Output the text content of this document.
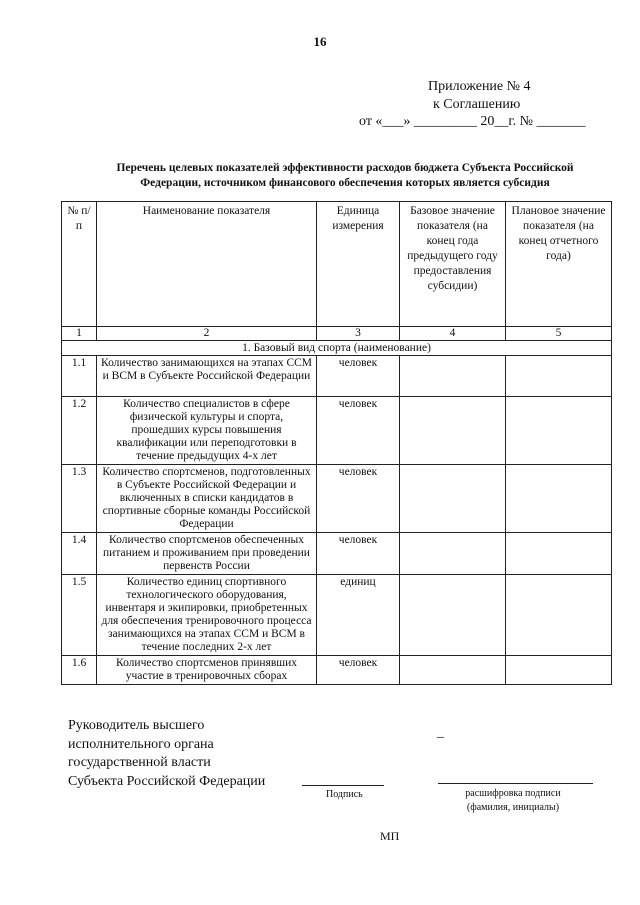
16
Приложение № 4
к Соглашению
от «___» _________ 20__г. № _______
Перечень целевых показателей эффективности расходов бюджета Субъекта Российской Федерации, источником финансового обеспечения которых является субсидия
№ п/п	Наименование показателя	Единица измерения	Базовое значение показателя (на конец года предыдущего году предоставления субсидии)	Плановое значение показателя (на конец отчетного года)
1	2	3	4	5
1. Базовый вид спорта (наименование)				
1.1	Количество занимающихся на этапах ССМ и ВСМ в Субъекте Российской Федерации	человек		
1.2	Количество специалистов в сфере физической культуры и спорта, прошедших курсы повышения квалификации или переподготовки в течение предыдущих 4-х лет	человек		
1.3	Количество спортсменов, подготовленных в Субъекте Российской Федерации и включенных в списки кандидатов в спортивные сборные команды Российской Федерации	человек		
1.4	Количество спортсменов обеспеченных питанием и проживанием при проведении первенств России	человек		
1.5	Количество единиц спортивного технологического оборудования, инвентаря и экипировки, приобретенных для обеспечения тренировочного процесса занимающихся на этапах ССМ и ВСМ в течение последних 2-х лет	единиц		
1.6	Количество спортсменов принявших участие в тренировочных сборах	человек		
Руководитель высшего
исполнительного органа
государственной власти
Субъекта Российской Федерации
_
Подпись	расшифровка подписи
(фамилия, инициалы)
МП
